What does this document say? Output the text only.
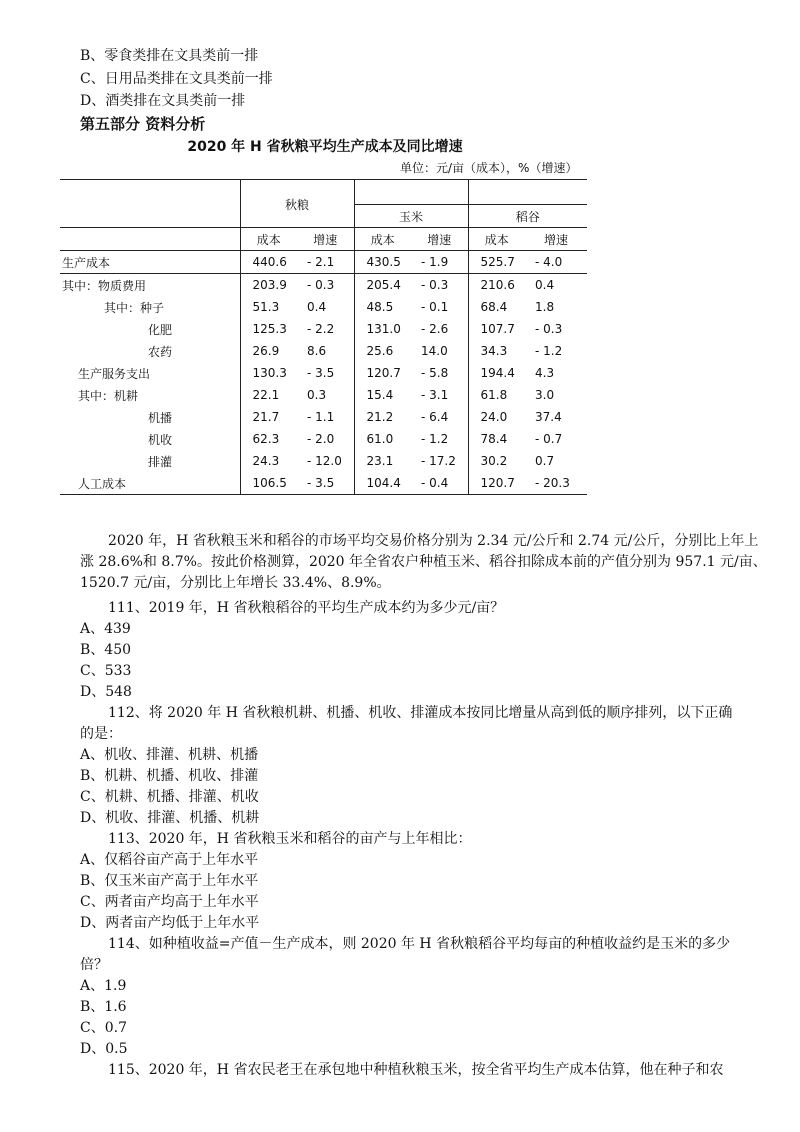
B、零食类排在文具类前一排
C、日用品类排在文具类前一排
D、酒类排在文具类前一排
第五部分 资料分析
2020 年 H 省秋粮平均生产成本及同比增速
单位：元/亩（成本），%（增速）
	秋粮					
			玉米		稻谷	
	成本	增速	成本	增速	成本	增速
生产成本	440.6	- 2.1	430.5	- 1.9	525.7	- 4.0
其中：物质费用	203.9	- 0.3	205.4	- 0.3	210.6	0.4
其中：种子	51.3	0.4	48.5	- 0.1	68.4	1.8
化肥	125.3	- 2.2	131.0	- 2.6	107.7	- 0.3
农药	26.9	8.6	25.6	14.0	34.3	- 1.2
生产服务支出	130.3	- 3.5	120.7	- 5.8	194.4	4.3
其中：机耕	22.1	0.3	15.4	- 3.1	61.8	3.0
机播	21.7	- 1.1	21.2	- 6.4	24.0	37.4
机收	62.3	- 2.0	61.0	- 1.2	78.4	- 0.7
排灌	24.3	- 12.0	23.1	- 17.2	30.2	0.7
人工成本	106.5	- 3.5	104.4	- 0.4	120.7	- 20.3
2020 年，H 省秋粮玉米和稻谷的市场平均交易价格分别为 2.34 元/公斤和 2.74 元/公斤，分别比上年上涨 28.6%和 8.7%。按此价格测算，2020 年全省农户种植玉米、稻谷扣除成本前的产值分别为 957.1 元/亩、1520.7 元/亩，分别比上年增长 33.4%、8.9%。
111、2019 年，H 省秋粮稻谷的平均生产成本约为多少元/亩？
A、439
B、450
C、533
D、548
112、将 2020 年 H 省秋粮机耕、机播、机收、排灌成本按同比增量从高到低的顺序排列，以下正确
的是：
A、机收、排灌、机耕、机播
B、机耕、机播、机收、排灌
C、机耕、机播、排灌、机收
D、机收、排灌、机播、机耕
113、2020 年，H 省秋粮玉米和稻谷的亩产与上年相比：
A、仅稻谷亩产高于上年水平
B、仅玉米亩产高于上年水平
C、两者亩产均高于上年水平
D、两者亩产均低于上年水平
114、如种植收益=产值－生产成本，则 2020 年 H 省秋粮稻谷平均每亩的种植收益约是玉米的多少
倍？
A、1.9
B、1.6
C、0.7
D、0.5
115、2020 年，H 省农民老王在承包地中种植秋粮玉米，按全省平均生产成本估算，他在种子和农
